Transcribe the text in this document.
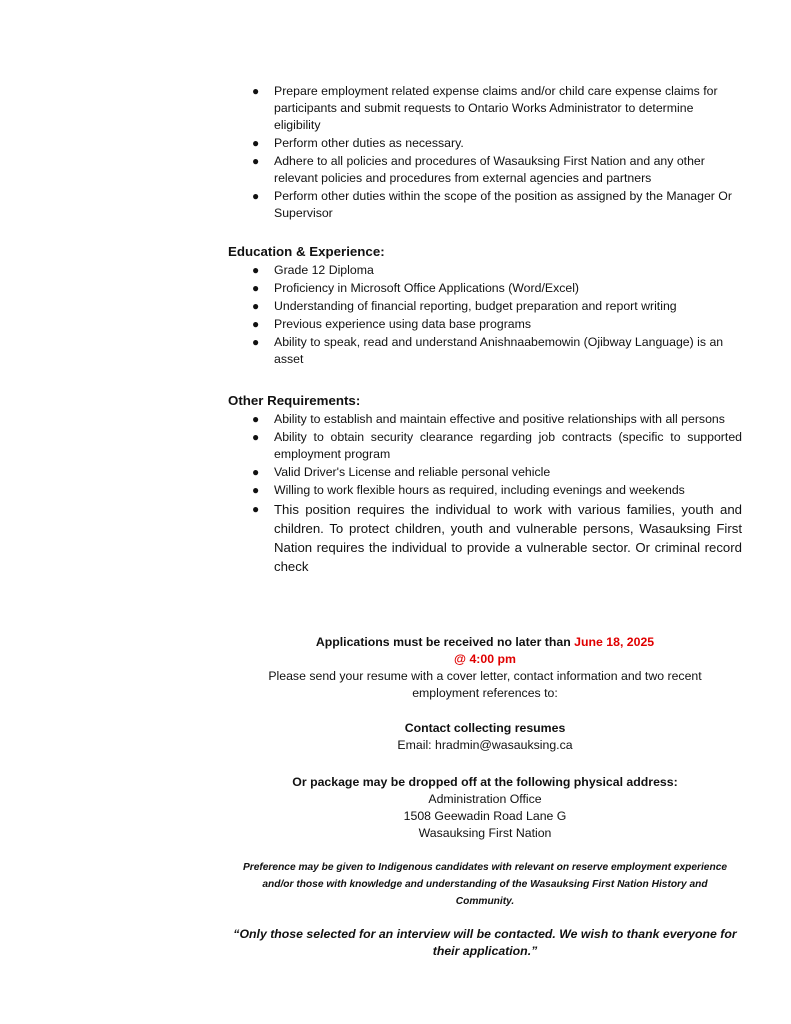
● Prepare employment related expense claims and/or child care expense claims for participants and submit requests to Ontario Works Administrator to determine eligibility
● Perform other duties as necessary.
● Adhere to all policies and procedures of Wasauksing First Nation and any other relevant policies and procedures from external agencies and partners
● Perform other duties within the scope of the position as assigned by the Manager Or Supervisor
Education & Experience:
● Grade 12 Diploma
● Proficiency in Microsoft Office Applications (Word/Excel)
● Understanding of financial reporting, budget preparation and report writing
● Previous experience using data base programs
● Ability to speak, read and understand Anishnaabemowin (Ojibway Language) is an asset
Other Requirements:
● Ability to establish and maintain effective and positive relationships with all persons
● Ability to obtain security clearance regarding job contracts (specific to supported employment program
● Valid Driver's License and reliable personal vehicle
● Willing to work flexible hours as required, including evenings and weekends
● This position requires the individual to work with various families, youth and children. To protect children, youth and vulnerable persons, Wasauksing First Nation requires the individual to provide a vulnerable sector. Or criminal record check
Applications must be received no later than June 18, 2025
@ 4:00 pm
Please send your resume with a cover letter, contact information and two recent employment references to:
Contact collecting resumes
Email: hradmin@wasauksing.ca
Or package may be dropped off at the following physical address:
Administration Office
1508 Geewadin Road Lane G
Wasauksing First Nation
Preference may be given to Indigenous candidates with relevant on reserve employment experience and/or those with knowledge and understanding of the Wasauksing First Nation History and Community.
“Only those selected for an interview will be contacted. We wish to thank everyone for their application.”
